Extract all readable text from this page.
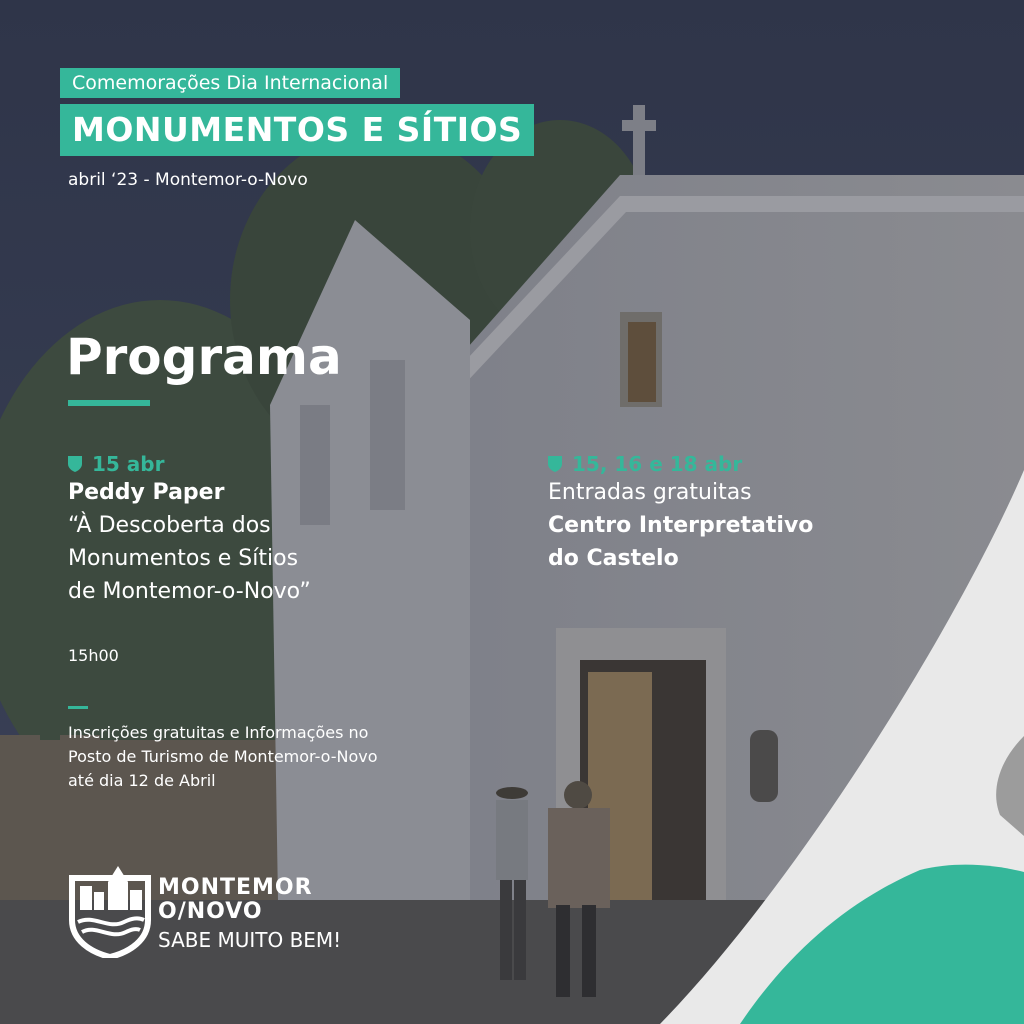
Comemorações Dia Internacional
MONUMENTOS E SÍTIOS
abril ‘23 - Montemor-o-Novo
Programa
15 abr
Peddy Paper
“À Descoberta dos
Monumentos e Sítios
de Montemor-o-Novo”
15h00
Inscrições gratuitas e Informações no
Posto de Turismo de Montemor-o-Novo
até dia 12 de Abril
15, 16 e 18 abr
Entradas gratuitas
Centro Interpretativo
do Castelo
MONTEMOR
O/NOVO
SABE MUITO BEM!
